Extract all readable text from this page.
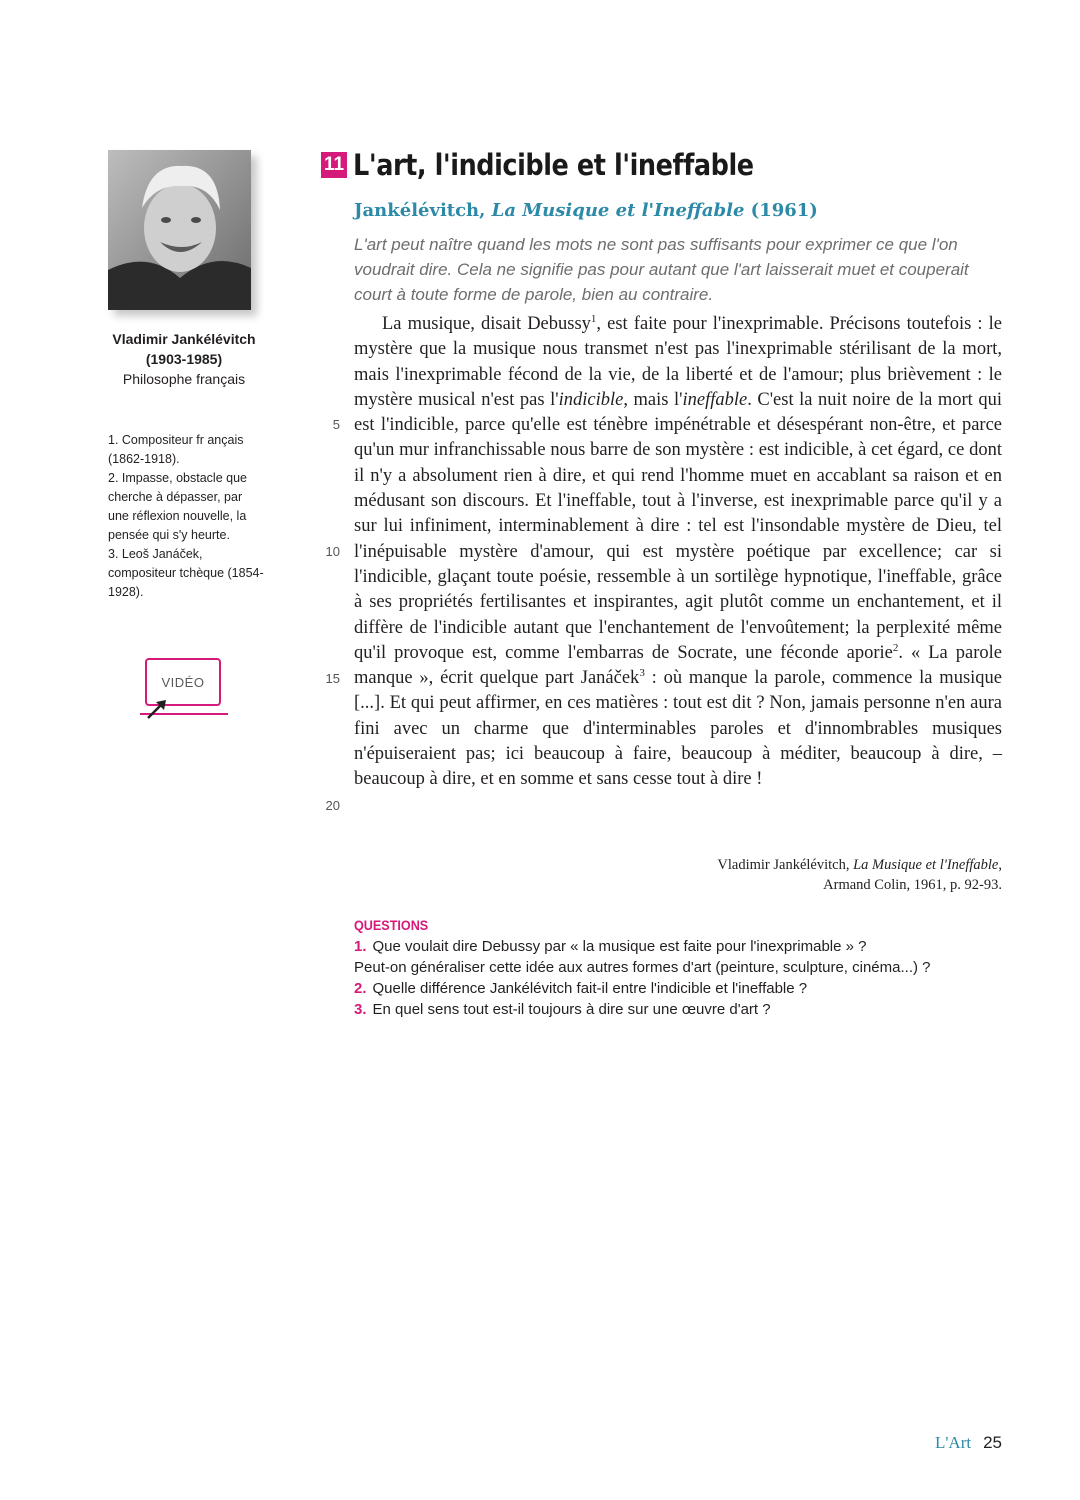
Vladimir Jankélévitch
(1903-1985)
Philosophe français

1. Compositeur fr ançais (1862-1918).

2. Impasse, obstacle que cherche à dépasser, par une réflexion nouvelle, la pensée qui s'y heurte.

3. Leoš Janáček, compositeur tchèque (1854-1928).

VIDÉO
11 L'art, l'indicible et l'ineffable
Jankélévitch, La Musique et l'Ineffable (1961)
L'art peut naître quand les mots ne sont pas suffisants pour exprimer ce que l'on voudrait dire. Cela ne signifie pas pour autant que l'art laisserait muet et couperait court à toute forme de parole, bien au contraire.
5
10
15
20
La musique, disait Debussy$^1$, est faite pour l'inexprimable. Précisons toutefois : le mystère que la musique nous transmet n'est pas l'inexprimable stérilisant de la mort, mais l'inexprimable fécond de la vie, de la liberté et de l'amour; plus brièvement : le mystère musical n'est pas l'indicible, mais l'ineffable. C'est la nuit noire de la mort qui est l'indicible, parce qu'elle est ténèbre impénétrable et désespérant non-être, et parce qu'un mur infranchissable nous barre de son mystère : est indicible, à cet égard, ce dont il n'y a absolument rien à dire, et qui rend l'homme muet en accablant sa raison et en médusant son discours. Et l'ineffable, tout à l'inverse, est inexprimable parce qu'il y a sur lui infiniment, interminablement à dire : tel est l'insondable mystère de Dieu, tel l'inépuisable mystère d'amour, qui est mystère poétique par excellence; car si l'indicible, glaçant toute poésie, ressemble à un sortilège hypnotique, l'ineffable, grâce à ses propriétés fertilisantes et inspirantes, agit plutôt comme un enchantement, et il diffère de l'indicible autant que l'enchantement de l'envoûtement; la perplexité même qu'il provoque est, comme l'embarras de Socrate, une féconde aporie$^2$. « La parole manque », écrit quelque part Janáček$^3$ : où manque la parole, commence la musique [...]. Et qui peut affirmer, en ces matières : tout est dit ? Non, jamais personne n'en aura fini avec un charme que d'interminables paroles et d'innombrables musiques n'épuiseraient pas; ici beaucoup à faire, beaucoup à méditer, beaucoup à dire, – beaucoup à dire, et en somme et sans cesse tout à dire !
Vladimir Jankélévitch, La Musique et l'Ineffable,
Armand Colin, 1961, p. 92-93.
QUESTIONS

1. Que voulait dire Debussy par « la musique est faite pour l'inexprimable » ?

Peut-on généraliser cette idée aux autres formes d'art (peinture, sculpture, cinéma...) ?

2. Quelle différence Jankélévitch fait-il entre l'indicible et l'ineffable ?

3. En quel sens tout est-il toujours à dire sur une œuvre d'art ?

L'Art 25
